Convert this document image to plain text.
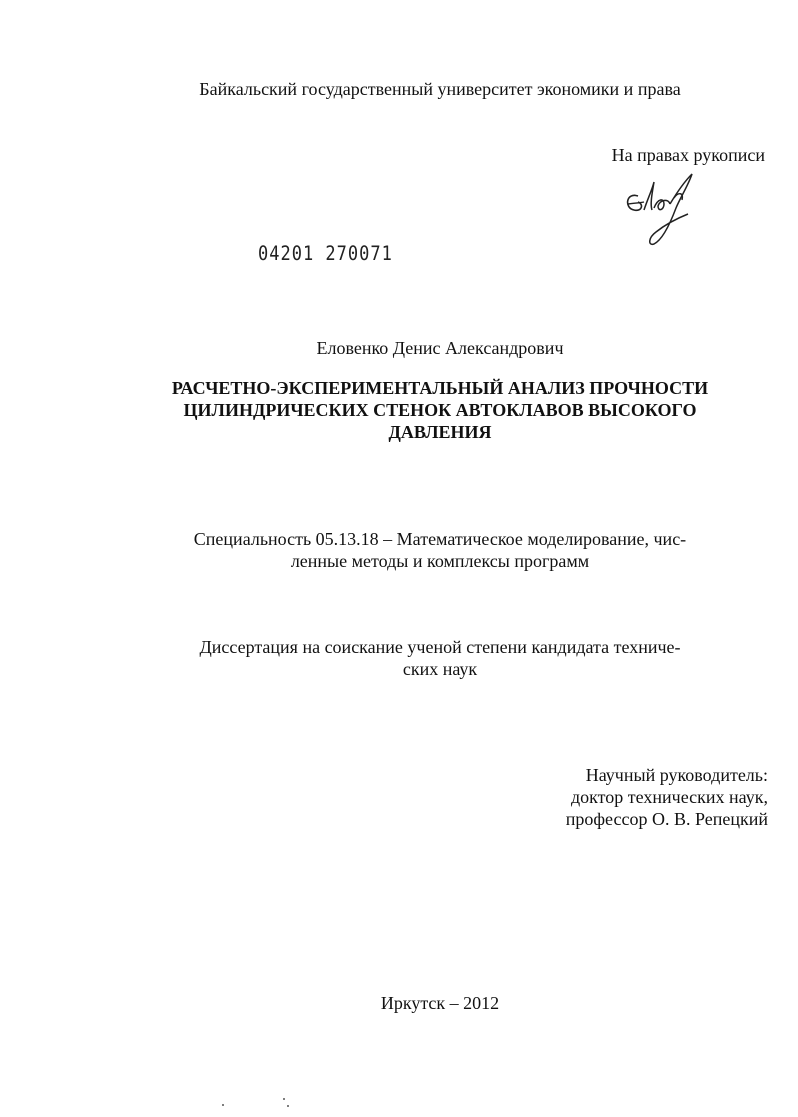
Байкальский государственный университет экономики и права
На правах рукописи
04201 270071
Еловенко Денис Александрович
РАСЧЕТНО-ЭКСПЕРИМЕНТАЛЬНЫЙ АНАЛИЗ ПРОЧНОСТИ
ЦИЛИНДРИЧЕСКИХ СТЕНОК АВТОКЛАВОВ ВЫСОКОГО
ДАВЛЕНИЯ
Специальность 05.13.18 – Математическое моделирование, чис-
ленные методы и комплексы программ
Диссертация на соискание ученой степени кандидата техниче-
ских наук
Научный руководитель:
доктор технических наук,
профессор О. В. Репецкий
Иркутск – 2012
